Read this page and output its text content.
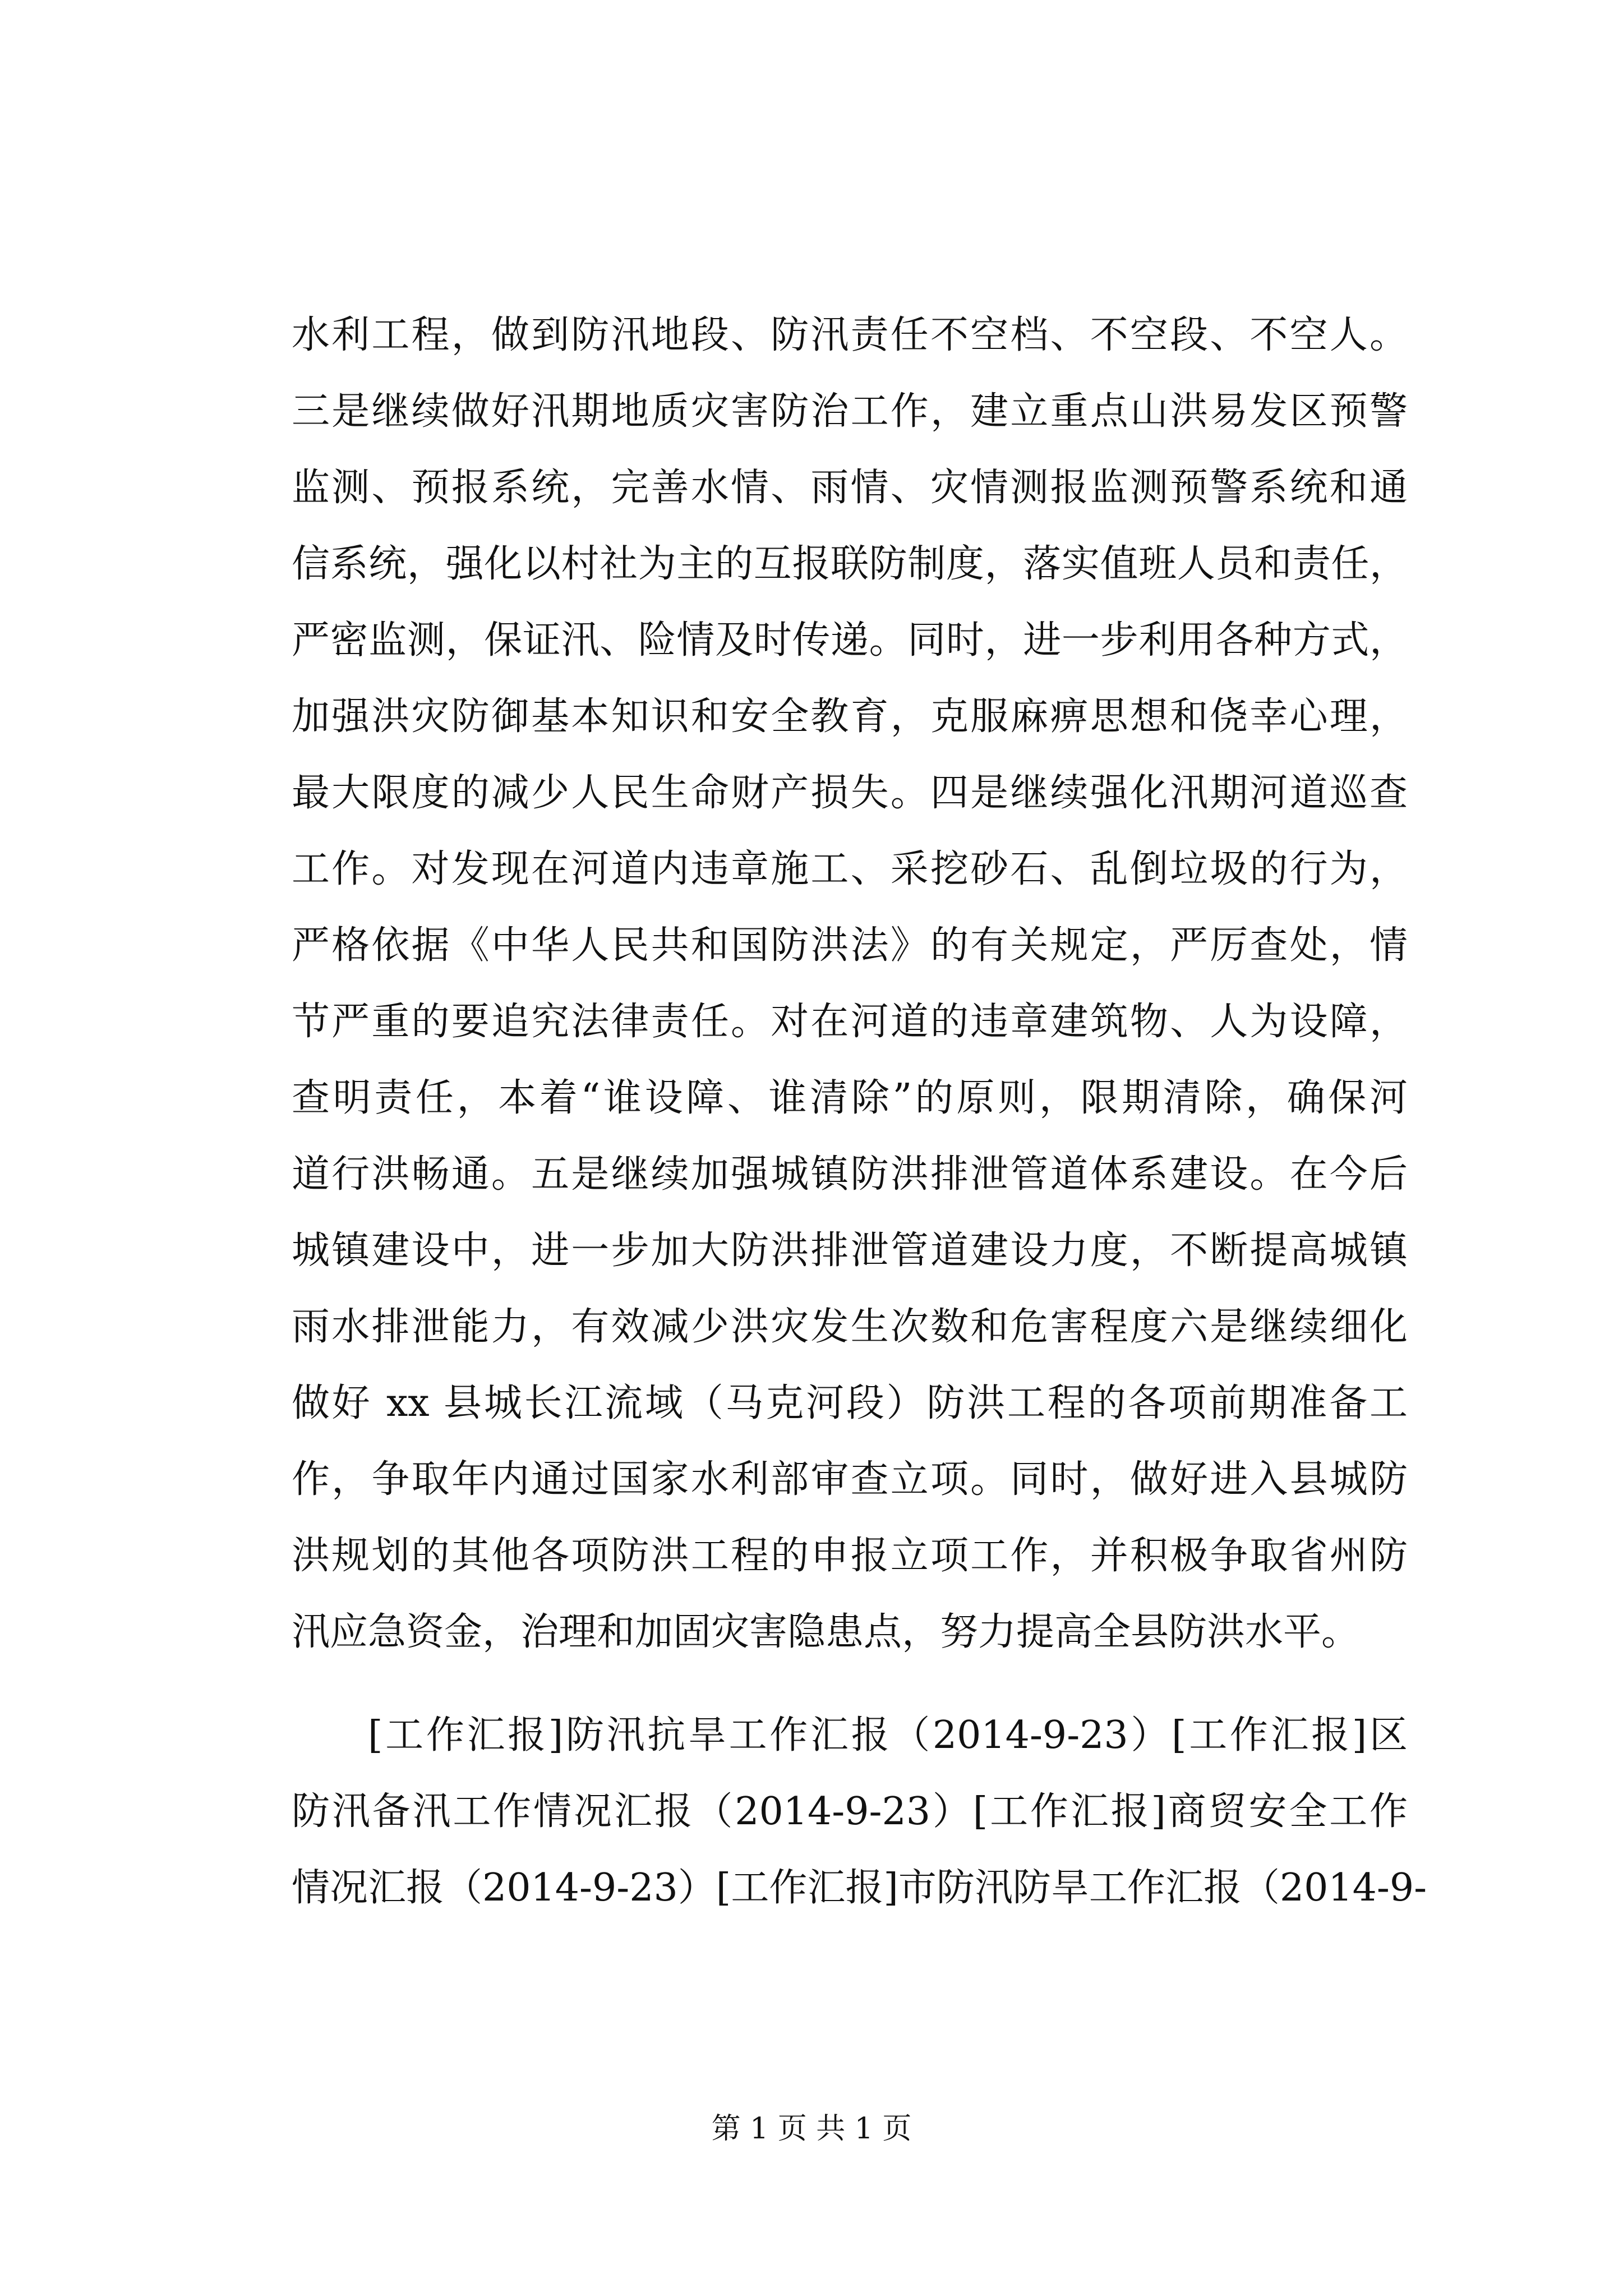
水利工程，做到防汛地段、防汛责任不空档、不空段、不空人。
三是继续做好汛期地质灾害防治工作，建立重点山洪易发区预警
监测、预报系统，完善水情、雨情、灾情测报监测预警系统和通
信系统，强化以村社为主的互报联防制度，落实值班人员和责任，
严密监测，保证汛、险情及时传递。同时，进一步利用各种方式，
加强洪灾防御基本知识和安全教育，克服麻痹思想和侥幸心理，
最大限度的减少人民生命财产损失。四是继续强化汛期河道巡查
工作。对发现在河道内违章施工、采挖砂石、乱倒垃圾的行为，
严格依据《中华人民共和国防洪法》的有关规定，严厉查处，情
节严重的要追究法律责任。对在河道的违章建筑物、人为设障，
查明责任，本着“谁设障、谁清除”的原则，限期清除，确保河
道行洪畅通。五是继续加强城镇防洪排泄管道体系建设。在今后
城镇建设中，进一步加大防洪排泄管道建设力度，不断提高城镇
雨水排泄能力，有效减少洪灾发生次数和危害程度六是继续细化
做好 xx 县城长江流域（马克河段）防洪工程的各项前期准备工
作，争取年内通过国家水利部审查立项。同时，做好进入县城防
洪规划的其他各项防洪工程的申报立项工作，并积极争取省州防
汛应急资金，治理和加固灾害隐患点，努力提高全县防洪水平。
[工作汇报]防汛抗旱工作汇报（2014-9-23）[工作汇报]区
防汛备汛工作情况汇报（2014-9-23）[工作汇报]商贸安全工作
情况汇报（2014-9-23）[工作汇报]市防汛防旱工作汇报（2014-9-
第 1 页 共 1 页
